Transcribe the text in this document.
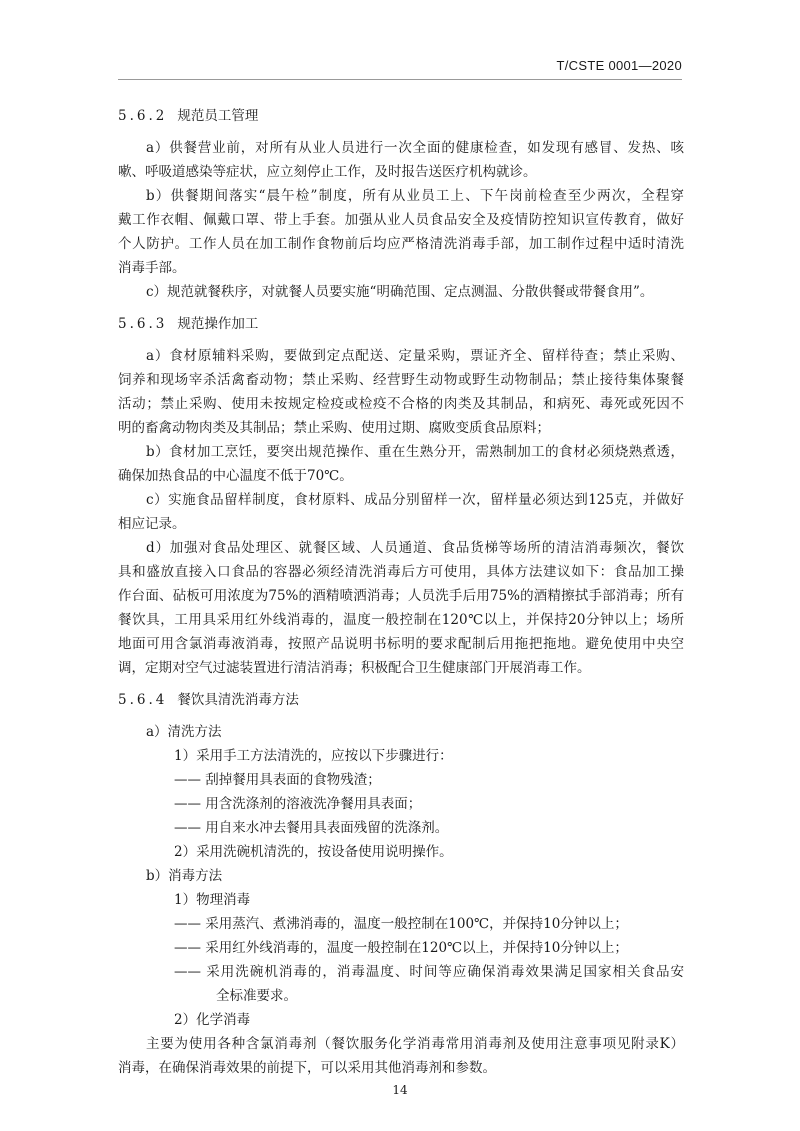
T/CSTE 0001—2020
5.6.2 规范员工管理
a）供餐营业前，对所有从业人员进行一次全面的健康检查，如发现有感冒、发热、咳
嗽、呼吸道感染等症状，应立刻停止工作，及时报告送医疗机构就诊。
b）供餐期间落实“晨午检”制度，所有从业员工上、下午岗前检查至少两次，全程穿
戴工作衣帽、佩戴口罩、带上手套。加强从业人员食品安全及疫情防控知识宣传教育，做好
个人防护。工作人员在加工制作食物前后均应严格清洗消毒手部，加工制作过程中适时清洗
消毒手部。
c）规范就餐秩序，对就餐人员要实施“明确范围、定点测温、分散供餐或带餐食用”。
5.6.3 规范操作加工
a）食材原辅料采购，要做到定点配送、定量采购，票证齐全、留样待查；禁止采购、
饲养和现场宰杀活禽畜动物；禁止采购、经营野生动物或野生动物制品；禁止接待集体聚餐
活动；禁止采购、使用未按规定检疫或检疫不合格的肉类及其制品，和病死、毒死或死因不
明的畜禽动物肉类及其制品；禁止采购、使用过期、腐败变质食品原料；
b）食材加工烹饪，要突出规范操作、重在生熟分开，需熟制加工的食材必须烧熟煮透，
确保加热食品的中心温度不低于70℃。
c）实施食品留样制度，食材原料、成品分别留样一次，留样量必须达到125克，并做好
相应记录。
d）加强对食品处理区、就餐区域、人员通道、食品货梯等场所的清洁消毒频次，餐饮
具和盛放直接入口食品的容器必须经清洗消毒后方可使用，具体方法建议如下：食品加工操
作台面、砧板可用浓度为75%的酒精喷洒消毒；人员洗手后用75%的酒精擦拭手部消毒；所有
餐饮具，工用具采用红外线消毒的，温度一般控制在120℃以上，并保持20分钟以上；场所
地面可用含氯消毒液消毒，按照产品说明书标明的要求配制后用拖把拖地。避免使用中央空
调，定期对空气过滤装置进行清洁消毒；积极配合卫生健康部门开展消毒工作。
5.6.4 餐饮具清洗消毒方法
a）清洗方法
1）采用手工方法清洗的，应按以下步骤进行：
—— 刮掉餐用具表面的食物残渣；
—— 用含洗涤剂的溶液洗净餐用具表面；
—— 用自来水冲去餐用具表面残留的洗涤剂。
2）采用洗碗机清洗的，按设备使用说明操作。
b）消毒方法
1）物理消毒
—— 采用蒸汽、煮沸消毒的，温度一般控制在100℃，并保持10分钟以上；
—— 采用红外线消毒的，温度一般控制在120℃以上，并保持10分钟以上；
—— 采用洗碗机消毒的，消毒温度、时间等应确保消毒效果满足国家相关食品安
全标准要求。
2）化学消毒
主要为使用各种含氯消毒剂（餐饮服务化学消毒常用消毒剂及使用注意事项见附录K）
消毒，在确保消毒效果的前提下，可以采用其他消毒剂和参数。
14
